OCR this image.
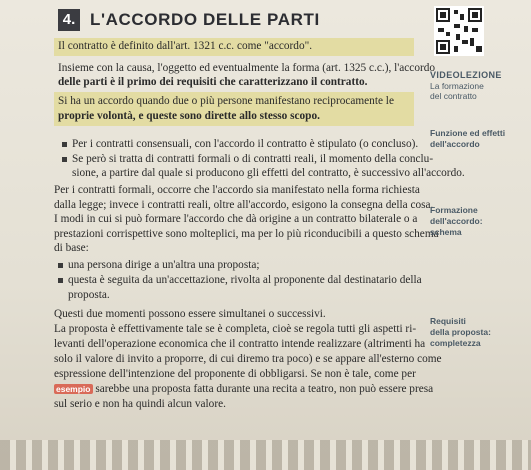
4. L'ACCORDO DELLE PARTI
Il contratto è definito dall'art. 1321 c.c. come "accordo".
Insieme con la causa, l'oggetto ed eventualmente la forma (art. 1325 c.c.), l'accordo
delle parti è il primo dei requisiti che caratterizzano il contratto.
Si ha un accordo quando due o più persone manifestano reciprocamente le
proprie volontà, e queste sono dirette allo stesso scopo.
Per i contratti consensuali, con l'accordo il contratto è stipulato (o concluso).
Se però si tratta di contratti formali o di contratti reali, il momento della conclu-
sione, a partire dal quale si producono gli effetti del contratto, è successivo all'accordo.
Per i contratti formali, occorre che l'accordo sia manifestato nella forma richiesta
dalla legge; invece i contratti reali, oltre all'accordo, esigono la consegna della cosa.
I modi in cui si può formare l'accordo che dà origine a un contratto bilaterale o a
prestazioni corrispettive sono molteplici, ma per lo più riconducibili a questo schema
di base:
una persona dirige a un'altra una proposta;
questa è seguita da un'accettazione, rivolta al proponente dal destinatario della
proposta.
Questi due momenti possono essere simultanei o successivi.
La proposta è effettivamente tale se è completa, cioè se regola tutti gli aspetti ri-
levanti dell'operazione economica che il contratto intende realizzare (altrimenti ha
solo il valore di invito a proporre, di cui diremo tra poco) e se appare all'esterno come
espressione dell'intenzione del proponente di obbligarsi. Se non è tale, come per
esempio sarebbe una proposta fatta durante una recita a teatro, non può essere presa
sul serio e non ha quindi alcun valore.
VIDEOLEZIONE
La formazione
del contratto
Funzione ed effetti
dell'accordo
Formazione
dell'accordo:
schema
Requisiti
della proposta:
completezza
